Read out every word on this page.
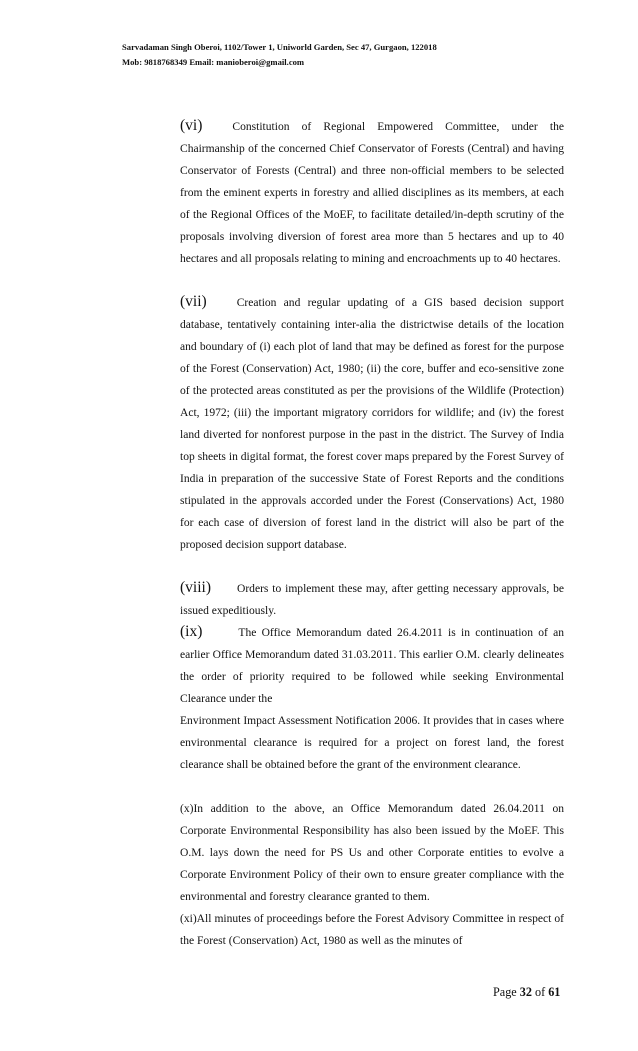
Sarvadaman Singh Oberoi, 1102/Tower 1, Uniworld Garden, Sec 47, Gurgaon, 122018
Mob: 9818768349 Email: manioberoi@gmail.com

(vi)	Constitution of Regional Empowered Committee, under the Chairmanship of the concerned Chief Conservator of Forests (Central) and having Conservator of Forests (Central) and three non-official members to be selected from the eminent experts in forestry and allied disciplines as its members, at each of the Regional Offices of the MoEF, to facilitate detailed/in-depth scrutiny of the proposals involving diversion of forest area more than 5 hectares and up to 40 hectares and all proposals relating to mining and encroachments up to 40 hectares.

(vii)	Creation and regular updating of a GIS based decision support database, tentatively containing inter-alia the districtwise details of the location and boundary of (i) each plot of land that may be defined as forest for the purpose of the Forest (Conservation) Act, 1980; (ii) the core, buffer and eco-sensitive zone of the protected areas constituted as per the provisions of the Wildlife (Protection) Act, 1972; (iii) the important migratory corridors for wildlife; and (iv) the forest land diverted for nonforest purpose in the past in the district. The Survey of India top sheets in digital format, the forest cover maps prepared by the Forest Survey of India in preparation of the successive State of Forest Reports and the conditions stipulated in the approvals accorded under the Forest (Conservations) Act, 1980 for each case of diversion of forest land in the district will also be part of the proposed decision support database.

(viii) Orders to implement these may, after getting necessary approvals, be issued expeditiously.

(ix)	The Office Memorandum dated 26.4.2011 is in continuation of an earlier Office Memorandum dated 31.03.2011. This earlier O.M. clearly delineates the order of priority required to be followed while seeking Environmental Clearance under the

Environment Impact Assessment Notification 2006. It provides that in cases where environmental clearance is required for a project on forest land, the forest clearance shall be obtained before the grant of the environment clearance.

(x)In addition to the above, an Office Memorandum dated 26.04.2011 on Corporate Environmental Responsibility has also been issued by the MoEF. This O.M. lays down the need for PS Us and other Corporate entities to evolve a Corporate Environment Policy of their own to ensure greater compliance with the environmental and forestry clearance granted to them.

(xi)All minutes of proceedings before the Forest Advisory Committee in respect of the Forest (Conservation) Act, 1980 as well as the minutes of

Page 32 of 61
